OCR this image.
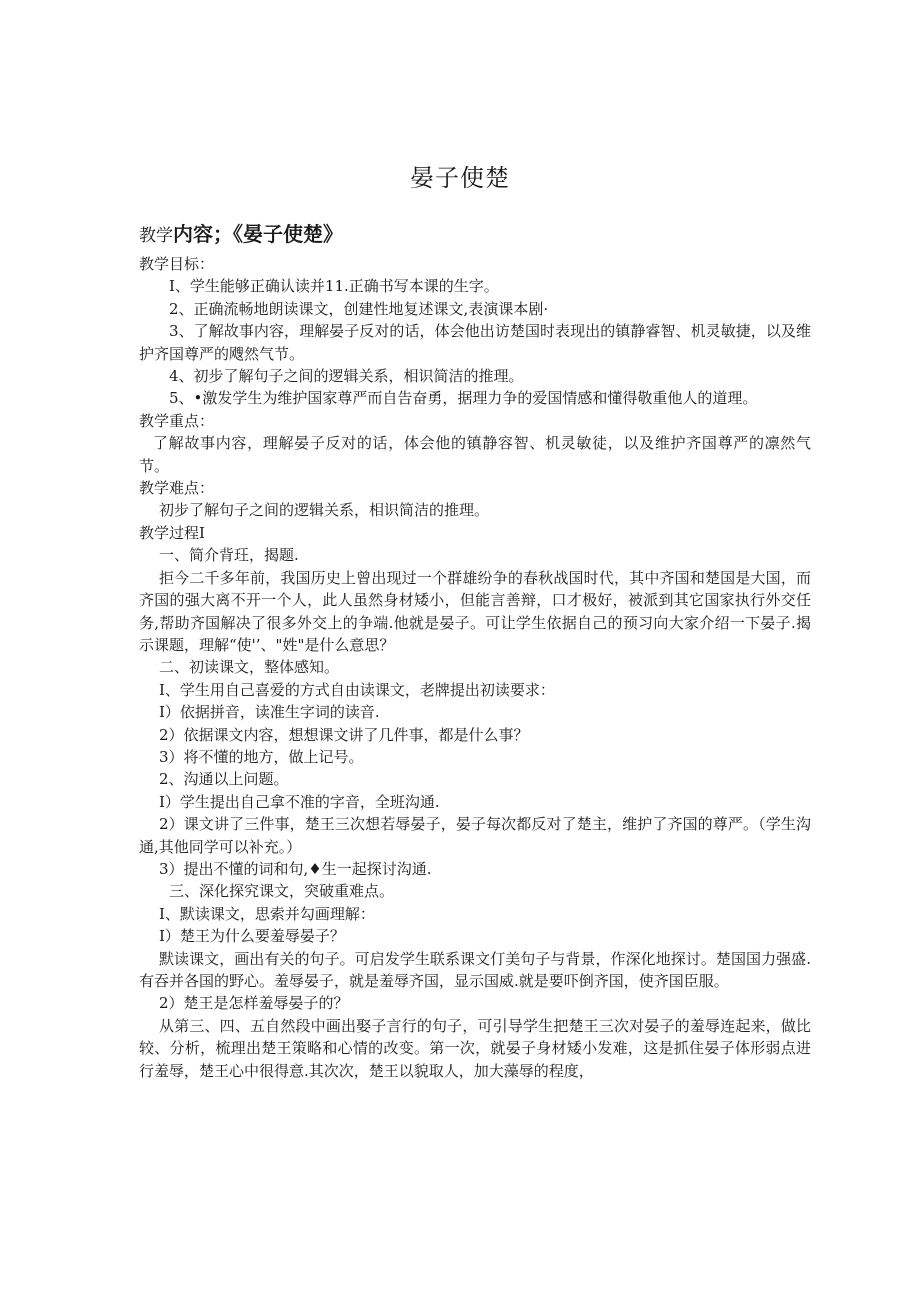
晏子使楚
教学内容；《晏子使楚》

教学目标：

Ⅰ、学生能够正确认读并11.正确书写本课的生字。

2、正确流畅地朗读课文，创建性地复述课文,表演课本剧·

3、了解故事内容，理解晏子反对的话，体会他出访楚国时表现出的镇静睿智、机灵敏捷，以及维护齐国尊严的飕然气节。

4、初步了解句子之间的逻辑关系，相识简洁的推理。

5、•激发学生为维护国家尊严而自告奋勇，据理力争的爱国情感和懂得敬重他人的道理。

教学重点：

了解故事内容，理解晏子反对的话，体会他的镇静容智、机灵敏徒，以及维护齐国尊严的凛然气节。

教学难点：

初步了解句子之间的逻辑关系，相识简洁的推理。

教学过程I

一、简介背玨，揭题.

拒今二千多年前，我国历史上曾出现过一个群雄纷争的春秋战国时代，其中齐国和楚国是大国，而齐国的强大离不开一个人，此人虽然身材矮小，但能言善辩，口才极好，被派到其它国家执行外交任务,帮助齐国解决了很多外交上的争端.他就是晏子。可让学生依据自己的预习向大家介绍一下晏子.揭示课题，理解“使'’、"姓"是什么意思？

二、初读课文，整体感知。

Ⅰ、学生用自己喜爱的方式自由读课文，老牌提出初读要求：

I）依据拼音，读准生字词的读音.

2）依据课文内容，想想课文讲了几件事，都是什么事？

3）将不懂的地方，做上记号。

2、沟通以上问题。

I）学生提出自己拿不准的字音，全班沟通.

2）课文讲了三件事，楚王三次想若辱晏子，晏子每次都反对了楚主，维护了齐国的尊严。（学生沟通,其他同学可以补充。）

3）提出不懂的词和句,♦生一起探讨沟通.

三、深化探究课文，突破重难点。

Ⅰ、默读课文，思索并勾画理解：

I）楚王为什么要羞辱晏子？

默读课文，画出有关的句子。可启发学生联系课文仃美句子与背景，作深化地探讨。楚国国力强盛.有吞并各国的野心。羞辱晏子，就是羞辱齐国，显示国威.就是要吓倒齐国，使齐国臣服。

2）楚王是怎样羞辱晏子的？

从第三、四、五自然段中画出娶子言行的句子，可引导学生把楚王三次对晏子的羞辱连起来，做比较、分析，梳理出楚王策略和心情的改变。第一次，就晏子身材矮小发难，这是抓住晏子体形弱点进行羞辱，楚王心中很得意.其次次，楚王以貌取人，加大藻辱的程度，
